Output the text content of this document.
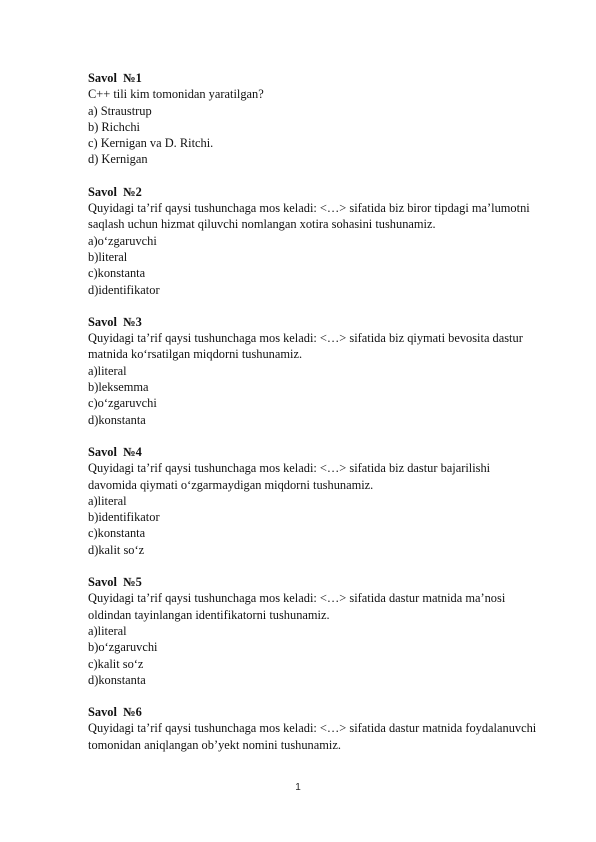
Savol  №1
C++ tili kim tomonidan yaratilgan?
a) Straustrup
b) Richchi
c) Kernigan va D. Ritchi.
d) Kernigan
Savol  №2
Quyidagi ta’rif qaysi tushunchaga mos keladi: <…> sifatida biz biror tipdagi ma’lumotni saqlash uchun hizmat qiluvchi nomlangan xotira sohasini tushunamiz.
a)o‘zgaruvchi
b)literal
c)konstanta
d)identifikator
Savol  №3
Quyidagi ta’rif qaysi tushunchaga mos keladi: <…> sifatida biz qiymati bevosita dastur matnida ko‘rsatilgan miqdorni tushunamiz.
a)literal
b)leksemma
c)o‘zgaruvchi
d)konstanta
Savol  №4
Quyidagi ta’rif qaysi tushunchaga mos keladi: <…> sifatida biz dastur bajarilishi davomida qiymati o‘zgarmaydigan miqdorni tushunamiz.
a)literal
b)identifikator
c)konstanta
d)kalit so‘z
Savol  №5
Quyidagi ta’rif qaysi tushunchaga mos keladi: <…> sifatida dastur matnida ma’nosi oldindan tayinlangan identifikatorni tushunamiz.
a)literal
b)o‘zgaruvchi
c)kalit so‘z
d)konstanta
Savol  №6
Quyidagi ta’rif qaysi tushunchaga mos keladi: <…> sifatida dastur matnida foydalanuvchi tomonidan aniqlangan ob’yekt nomini tushunamiz.
1
